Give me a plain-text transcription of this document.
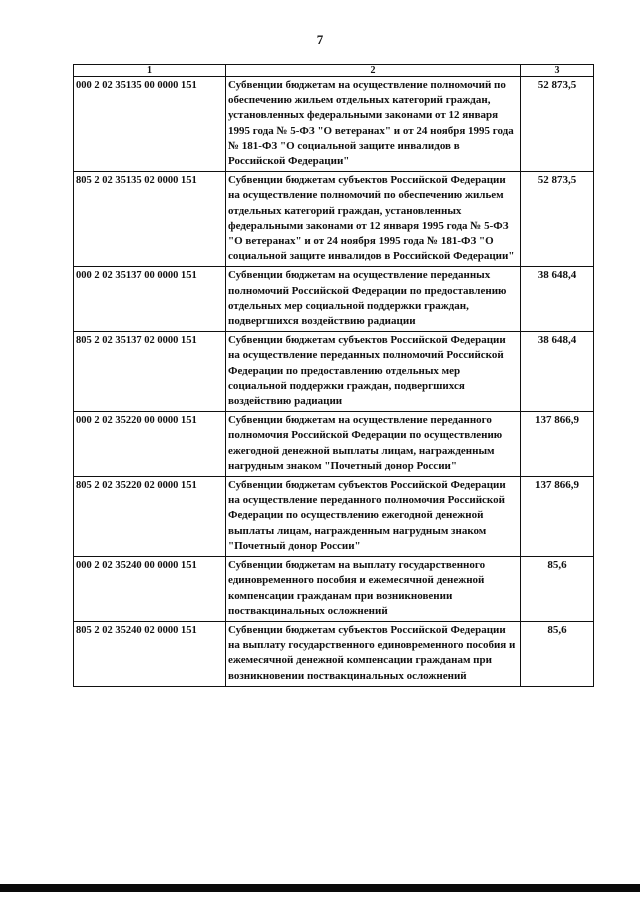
7
1	2	3
000 2 02 35135 00 0000 151	Субвенции бюджетам на осуществление полномочий по обеспечению жильем отдельных категорий граждан, установленных федеральными законами от 12 января 1995 года № 5-ФЗ "О ветеранах" и от 24 ноября 1995 года № 181-ФЗ "О социальной защите инвалидов в Российской Федерации"	52 873,5
805 2 02 35135 02 0000 151	Субвенции бюджетам субъектов Российской Федерации на осуществление полномочий по обеспечению жильем отдельных категорий граждан, установленных федеральными законами от 12 января 1995 года № 5-ФЗ "О ветеранах" и от 24 ноября 1995 года № 181-ФЗ "О социальной защите инвалидов в Российской Федерации"	52 873,5
000 2 02 35137 00 0000 151	Субвенции бюджетам на осуществление переданных полномочий Российской Федерации по предоставлению отдельных мер социальной поддержки граждан, подвергшихся воздействию радиации	38 648,4
805 2 02 35137 02 0000 151	Субвенции бюджетам субъектов Российской Федерации на осуществление переданных полномочий Российской Федерации по предоставлению отдельных мер социальной поддержки граждан, подвергшихся воздействию радиации	38 648,4
000 2 02 35220 00 0000 151	Субвенции бюджетам на осуществление переданного полномочия Российской Федерации по осуществлению ежегодной денежной выплаты лицам, награжденным нагрудным знаком "Почетный донор России"	137 866,9
805 2 02 35220 02 0000 151	Субвенции бюджетам субъектов Российской Федерации на осуществление переданного полномочия Российской Федерации по осуществлению ежегодной денежной выплаты лицам, награжденным нагрудным знаком "Почетный донор России"	137 866,9
000 2 02 35240 00 0000 151	Субвенции бюджетам на выплату государственного единовременного пособия и ежемесячной денежной компенсации гражданам при возникновении поствакцинальных осложнений	85,6
805 2 02 35240 02 0000 151	Субвенции бюджетам субъектов Российской Федерации на выплату государственного единовременного пособия и ежемесячной денежной компенсации гражданам при возникновении поствакцинальных осложнений	85,6
